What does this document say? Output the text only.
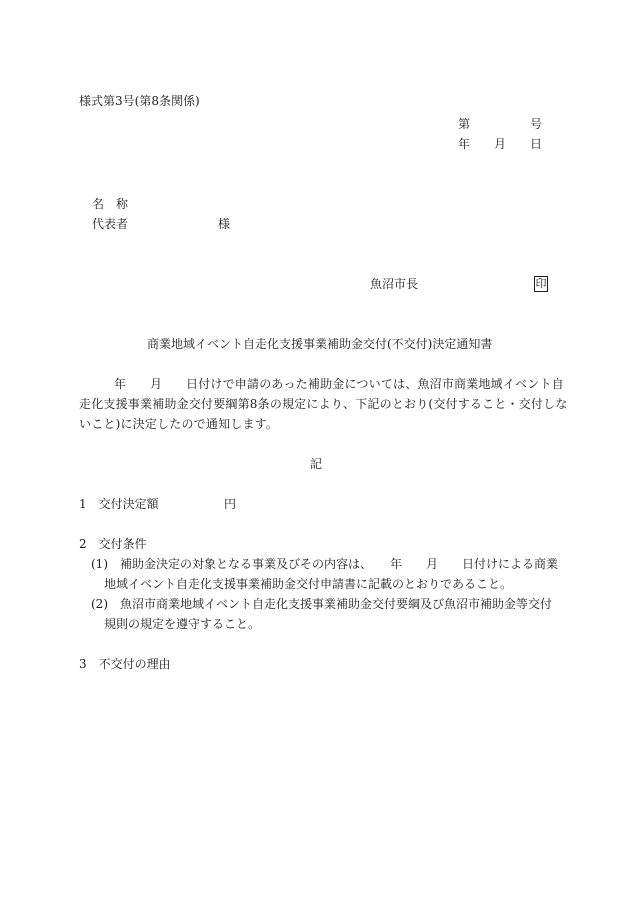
様式第3号(第8条関係)
第	号
年 月 日
名　称
代表者	様
魚沼市長	印
商業地域イベント自走化支援事業補助金交付(不交付)決定通知書
年 月 日付けで申請のあった補助金については、魚沼市商業地域イベント自
走化支援事業補助金交付要綱第8条の規定により、下記のとおり(交付すること・交付しな
いこと)に決定したので通知します。
記
1　交付決定額	円
2　交付条件
(1) 補助金決定の対象となる事業及びその内容は、 年 月 日付けによる商業
地域イベント自走化支援事業補助金交付申請書に記載のとおりであること。
(2) 魚沼市商業地域イベント自走化支援事業補助金交付要綱及び魚沼市補助金等交付
規則の規定を遵守すること。
3　不交付の理由
